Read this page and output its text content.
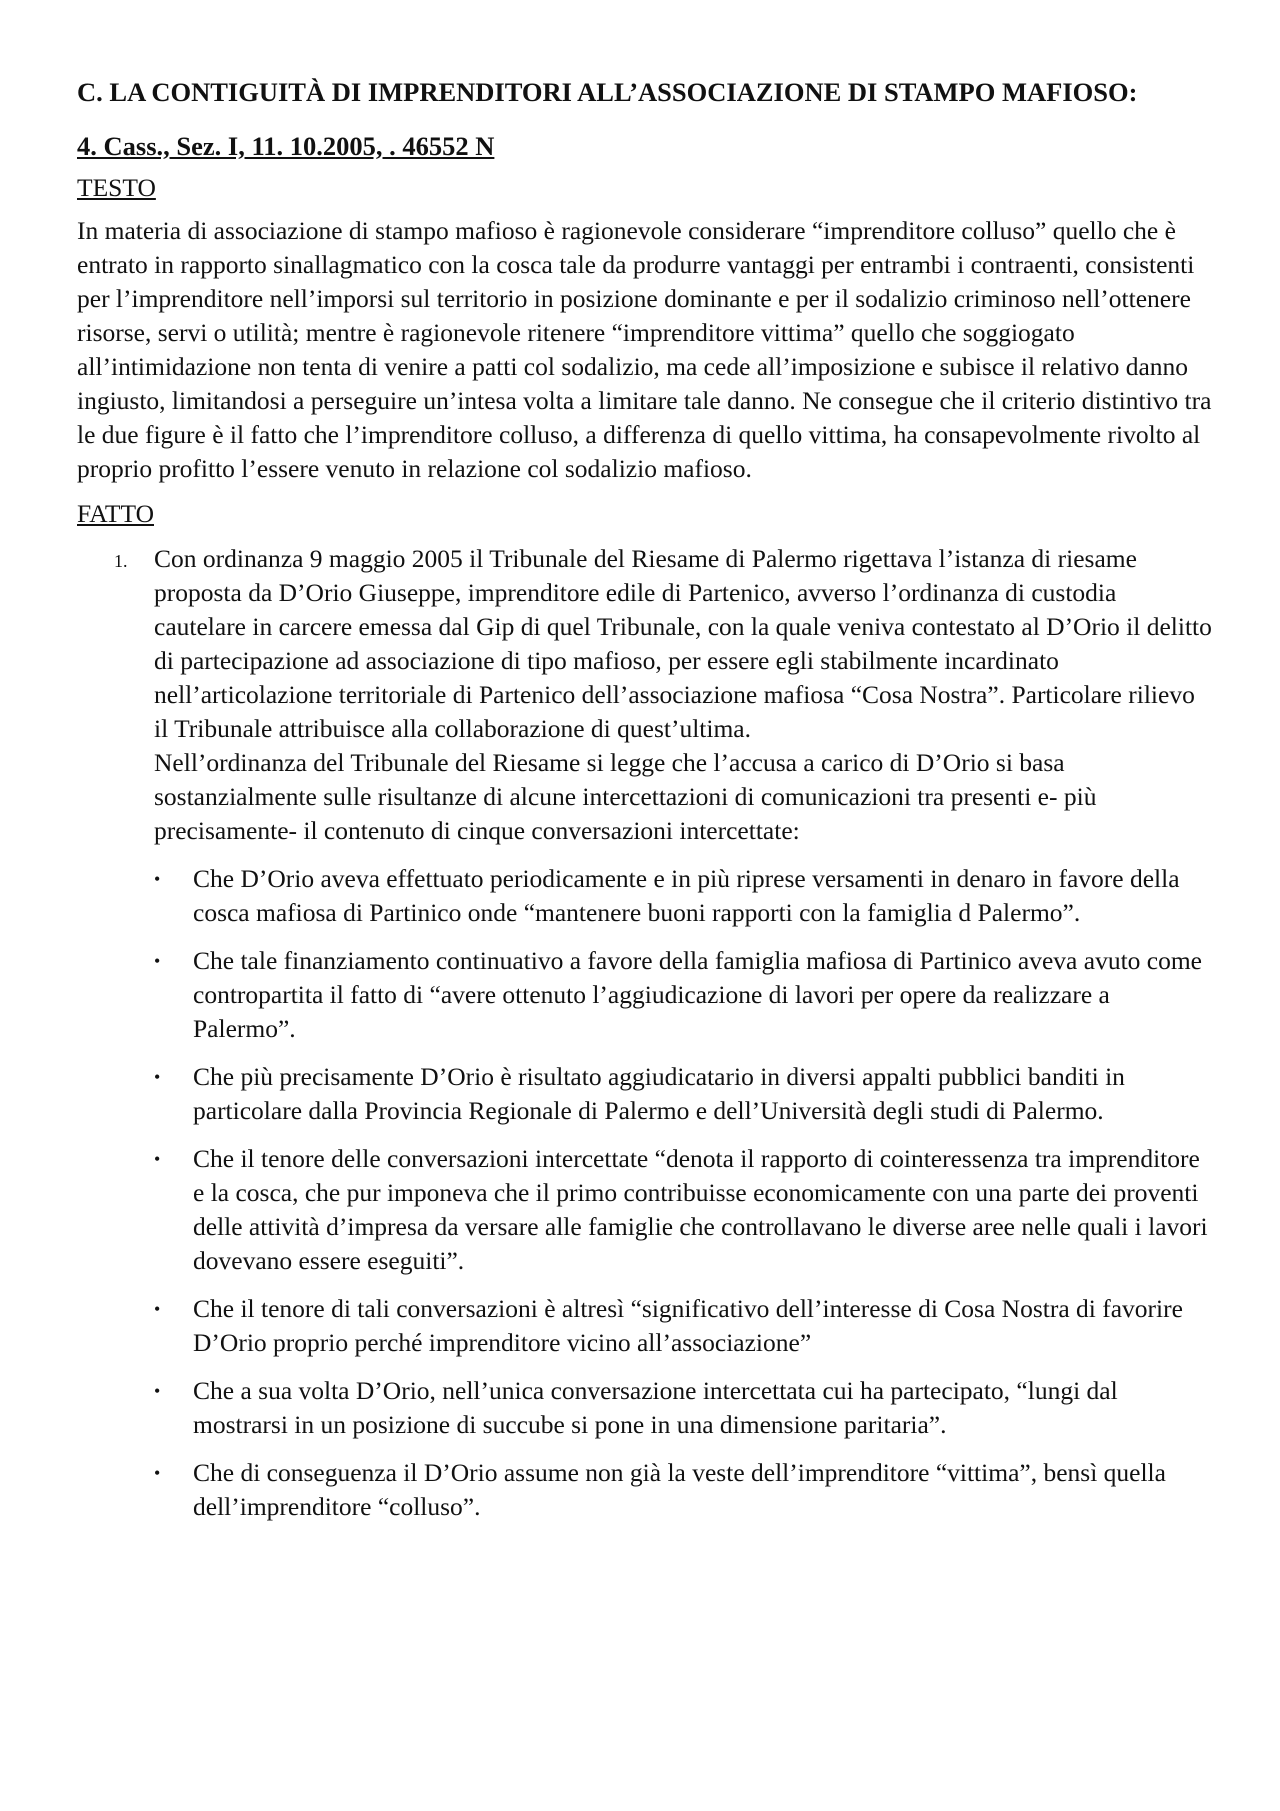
C. LA CONTIGUITÀ DI IMPRENDITORI ALL’ASSOCIAZIONE DI STAMPO MAFIOSO:
4. Cass., Sez. I, 11. 10.2005, . 46552 N
TESTO

In materia di associazione di stampo mafioso è ragionevole considerare “imprenditore colluso” quello che è entrato in rapporto sinallagmatico con la cosca tale da produrre vantaggi per entrambi i contraenti, consistenti per l’imprenditore nell’imporsi sul territorio in posizione dominante e per il sodalizio criminoso nell’ottenere risorse, servi o utilità; mentre è ragionevole ritenere “imprenditore vittima” quello che soggiogato all’intimidazione non tenta di venire a patti col sodalizio, ma cede all’imposizione e subisce il relativo danno ingiusto, limitandosi a perseguire un’intesa volta a limitare tale danno. Ne consegue che il criterio distintivo tra le due figure è il fatto che l’imprenditore colluso, a differenza di quello vittima, ha consapevolmente rivolto al proprio profitto l’essere venuto in relazione col sodalizio mafioso.

FATTO
1. Con ordinanza 9 maggio 2005 il Tribunale del Riesame di Palermo rigettava l’istanza di riesame proposta da D’Orio Giuseppe, imprenditore edile di Partenico, avverso l’ordinanza di custodia cautelare in carcere emessa dal Gip di quel Tribunale, con la quale veniva contestato al D’Orio il delitto di partecipazione ad associazione di tipo mafioso, per essere egli stabilmente incardinato nell’articolazione territoriale di Partenico dell’associazione mafiosa “Cosa Nostra”. Particolare rilievo il Tribunale attribuisce alla collaborazione di quest’ultima.Nell’ordinanza del Tribunale del Riesame si legge che l’accusa a carico di D’Orio si basa sostanzialmente sulle risultanze di alcune intercettazioni di comunicazioni tra presenti e- più precisamente- il contenuto di cinque conversazioni intercettate:
• Che D’Orio aveva effettuato periodicamente e in più riprese versamenti in denaro in favore della cosca mafiosa di Partinico onde “mantenere buoni rapporti con la famiglia d Palermo”.
• Che tale finanziamento continuativo a favore della famiglia mafiosa di Partinico aveva avuto come contropartita il fatto di “avere ottenuto l’aggiudicazione di lavori per opere da realizzare a Palermo”.
• Che più precisamente D’Orio è risultato aggiudicatario in diversi appalti pubblici banditi in particolare dalla Provincia Regionale di Palermo e dell’Università degli studi di Palermo.
• Che il tenore delle conversazioni intercettate “denota il rapporto di cointeressenza tra imprenditore e la cosca, che pur imponeva che il primo contribuisse economicamente con una parte dei proventi delle attività d’impresa da versare alle famiglie che controllavano le diverse aree nelle quali i lavori dovevano essere eseguiti”.
• Che il tenore di tali conversazioni è altresì “significativo dell’interesse di Cosa Nostra di favorire D’Orio proprio perché imprenditore vicino all’associazione”
• Che a sua volta D’Orio, nell’unica conversazione intercettata cui ha partecipato, “lungi dal mostrarsi in un posizione di succube si pone in una dimensione paritaria”.
• Che di conseguenza il D’Orio assume non già la veste dell’imprenditore “vittima”, bensì quella dell’imprenditore “colluso”.
